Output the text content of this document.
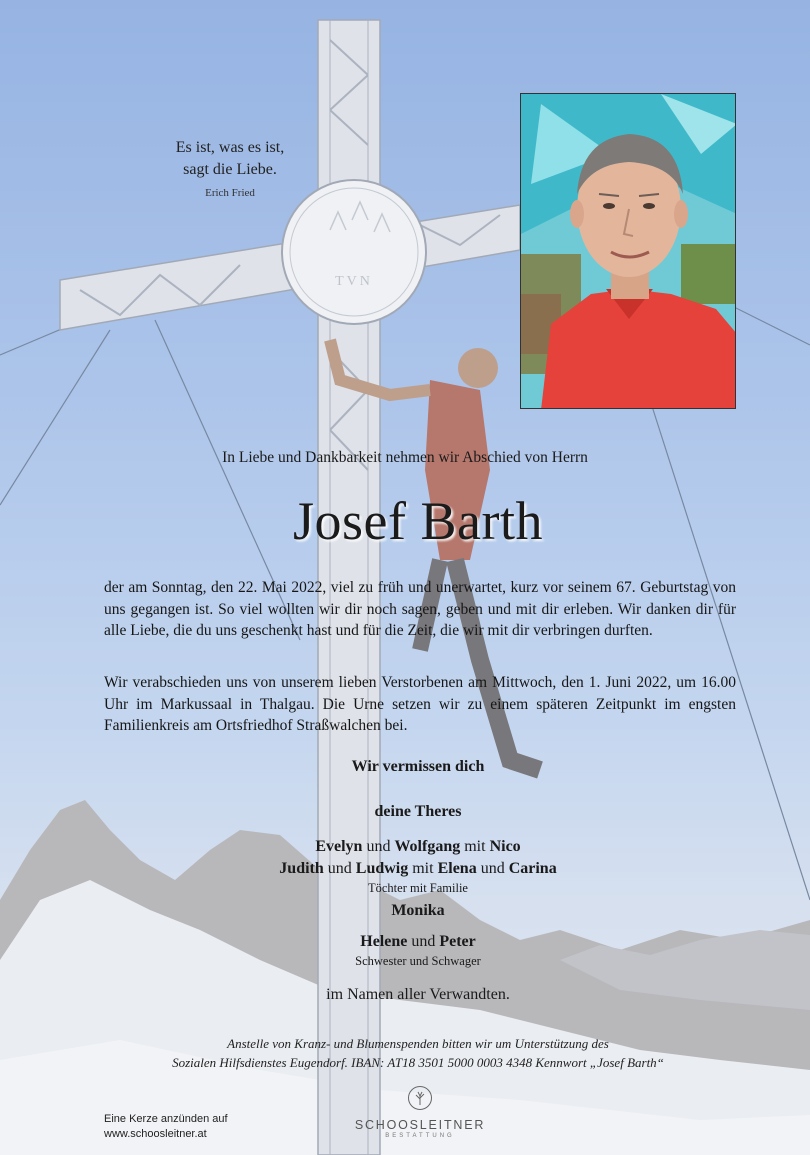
TVN
Es ist, was es ist,
sagt die Liebe.
Erich Fried
In Liebe und Dankbarkeit nehmen wir Abschied von Herrn
Josef Barth
der am Sonntag, den 22. Mai 2022, viel zu früh und unerwartet, kurz vor seinem 67. Geburtstag von uns gegangen ist. So viel wollten wir dir noch sagen, geben und mit dir erleben. Wir danken dir für alle Liebe, die du uns geschenkt hast und für die Zeit, die wir mit dir verbringen durften.
Wir verabschieden uns von unserem lieben Verstorbenen am Mittwoch, den 1. Juni 2022, um 16.00 Uhr im Markussaal in Thalgau. Die Urne setzen wir zu einem späteren Zeitpunkt im engsten Familienkreis am Ortsfriedhof Straßwalchen bei.
Wir vermissen dich
deine Theres
Evelyn und Wolfgang mit Nico
Judith und Ludwig mit Elena und Carina
Töchter mit Familie
Monika
Helene und Peter
Schwester und Schwager
im Namen aller Verwandten.
Anstelle von Kranz- und Blumenspenden bitten wir um Unterstützung des
Sozialen Hilfsdienstes Eugendorf. IBAN: AT18 3501 5000 0003 4348 Kennwort „Josef Barth“
Eine Kerze anzünden auf
www.schoosleitner.at
SCHOOSLEITNER
BESTATTUNG
